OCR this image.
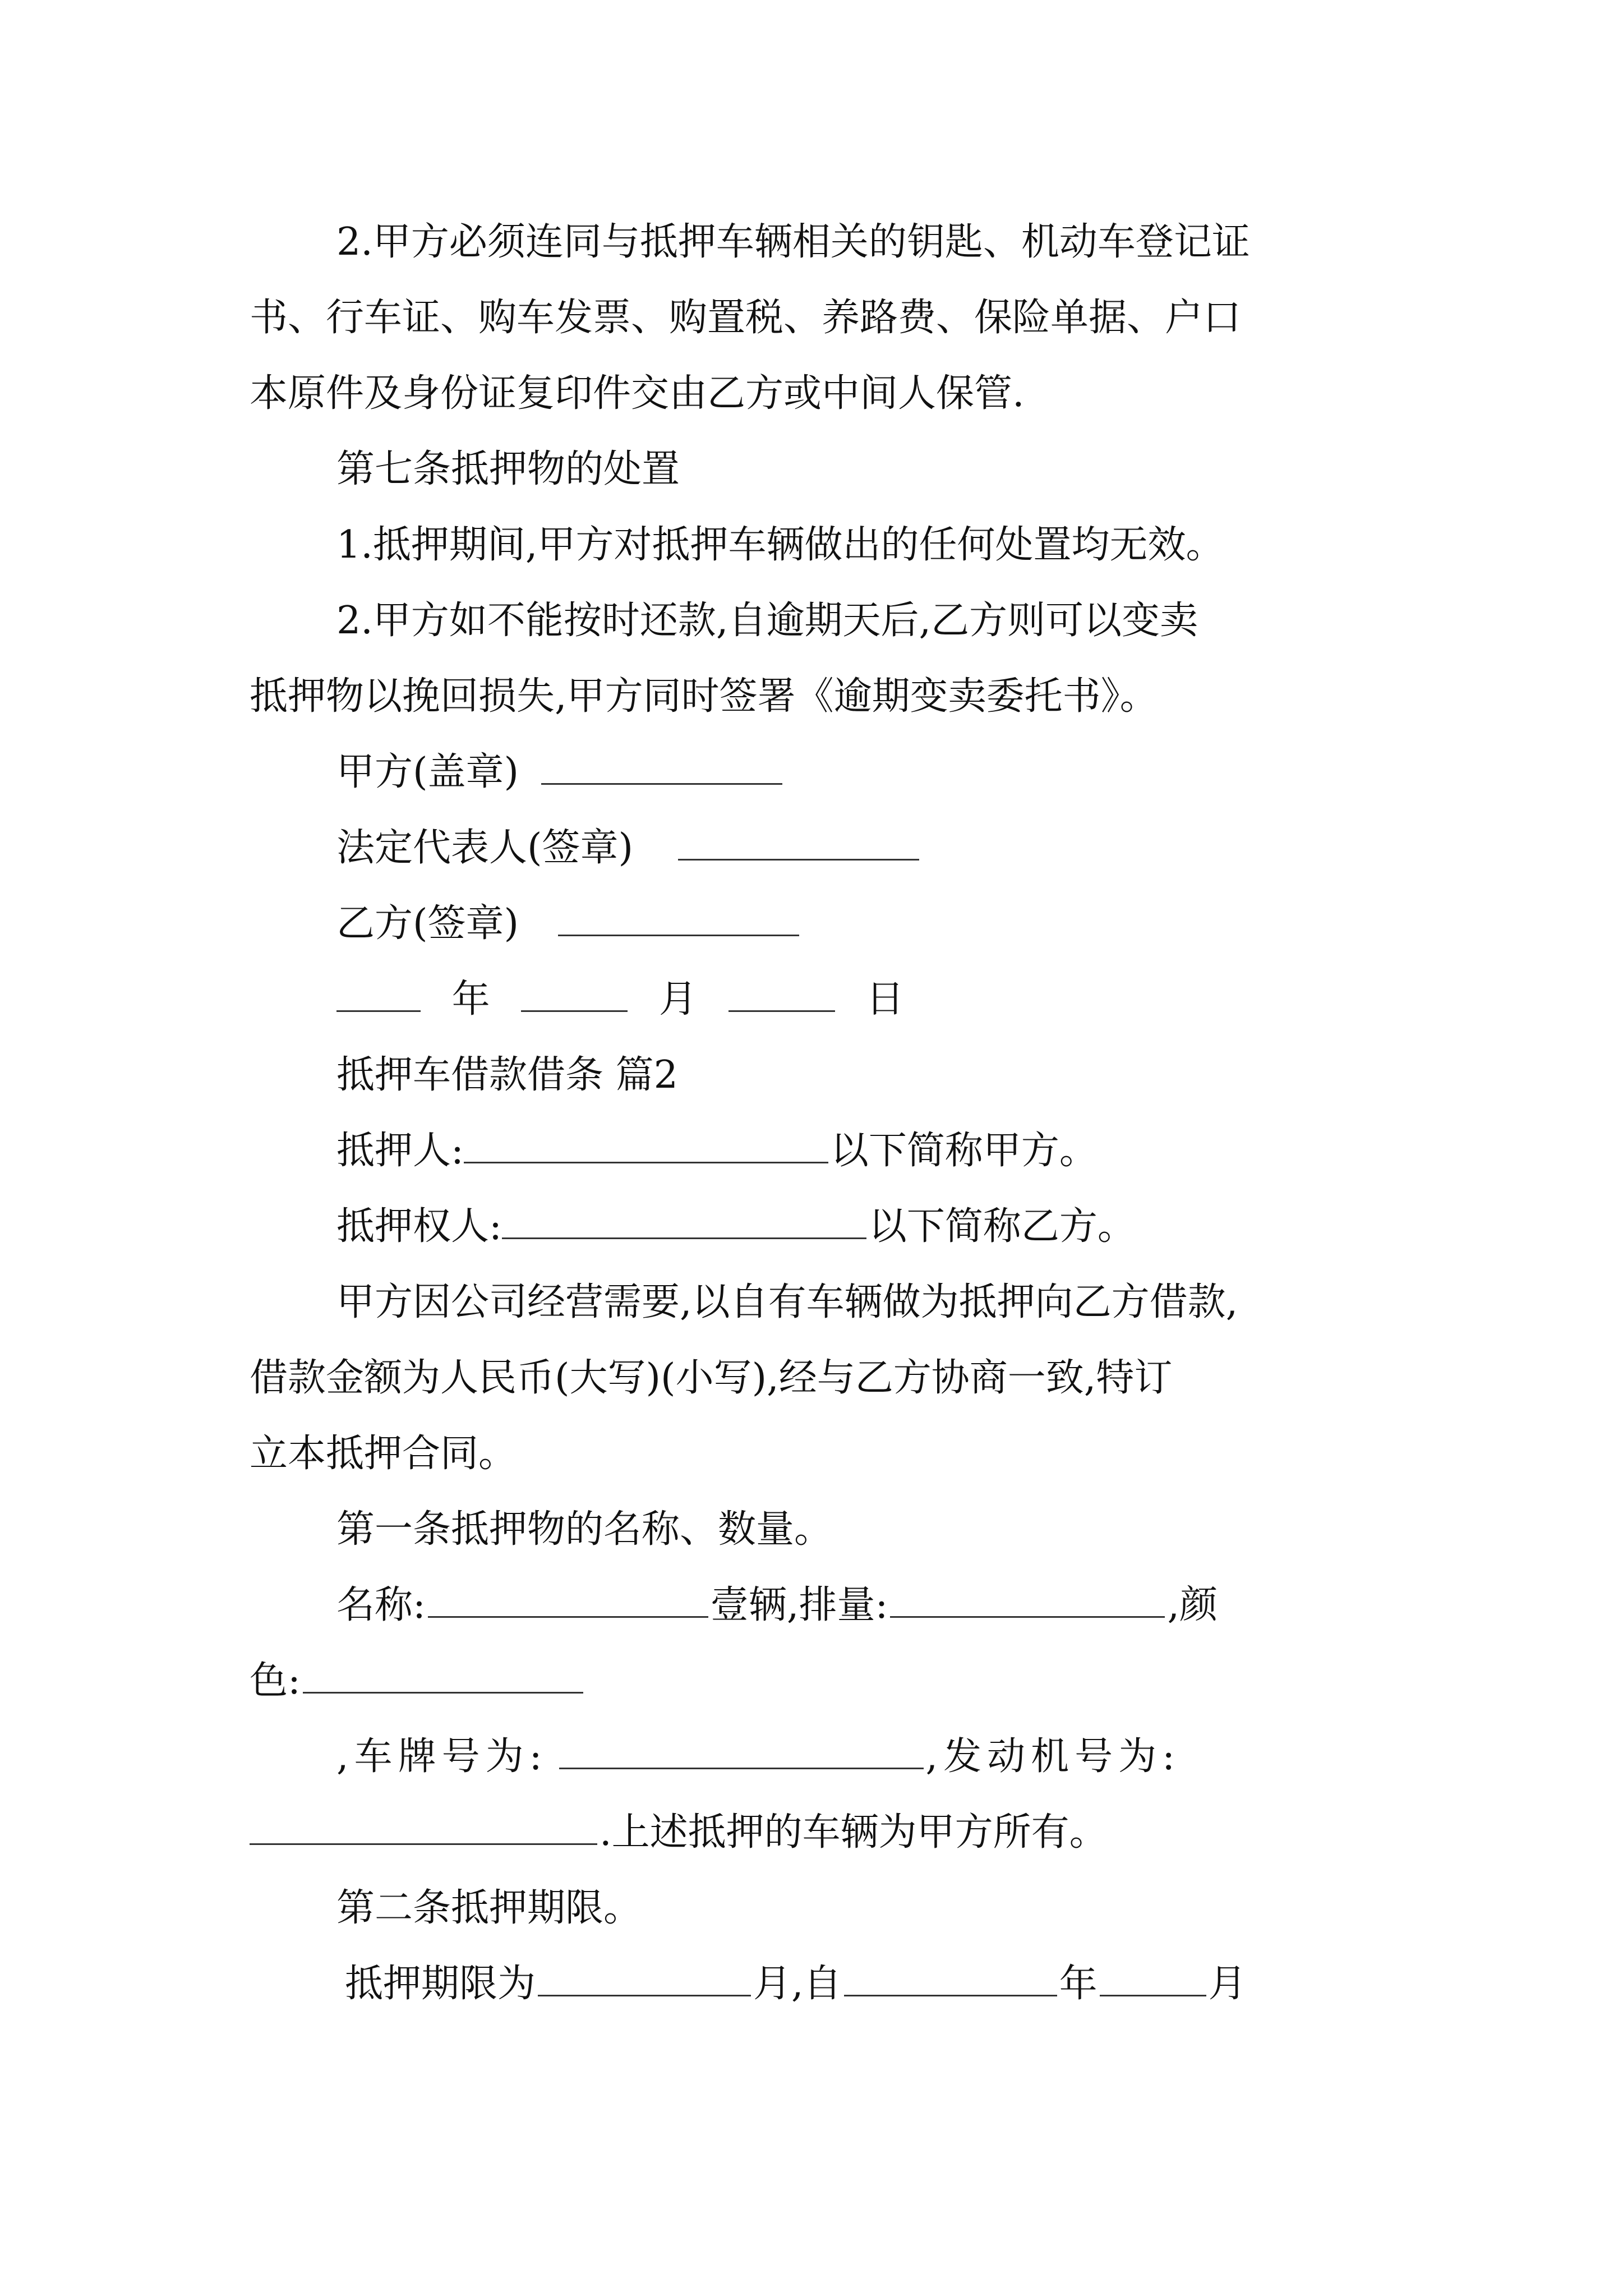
2.甲方必须连同与抵押车辆相关的钥匙、机动车登记证
书、行车证、购车发票、购置税、养路费、保险单据、户口
本原件及身份证复印件交由乙方或中间人保管.
第七条抵押物的处置
1.抵押期间,甲方对抵押车辆做出的任何处置均无效。
2.甲方如不能按时还款,自逾期天后,乙方则可以变卖
抵押物以挽回损失,甲方同时签署《逾期变卖委托书》。
甲方(盖章)
法定代表人(签章)
乙方(签章)
年	月	日
抵押车借款借条 篇2
抵押人:	以下简称甲方。
抵押权人:	以下简称乙方。
甲方因公司经营需要,以自有车辆做为抵押向乙方借款,
借款金额为人民币(大写)(小写),经与乙方协商一致,特订
立本抵押合同。
第一条抵押物的名称、数量。
名称:	壹辆,排量:	,颜
色:
,车牌号为:	,发动机号为:
.上述抵押的车辆为甲方所有。
第二条抵押期限。
抵押期限为	月,自	年	月
